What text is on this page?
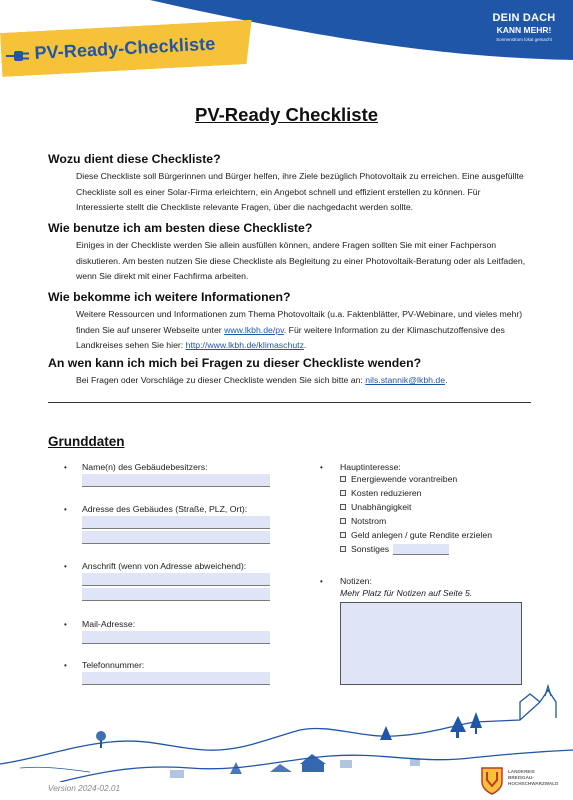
PV-Ready-Checkliste
DEIN DACH
KANN MEHR!
Sonnenstrom lokal gemacht
PV-Ready Checkliste
Wozu dient diese Checkliste?

Diese Checkliste soll Bürgerinnen und Bürger helfen, ihre Ziele bezüglich Photovoltaik zu erreichen. Eine ausgefüllte Checkliste soll es einer Solar-Firma erleichtern, ein Angebot schnell und effizient erstellen zu können. Für Interessierte stellt die Checkliste relevante Fragen, über die nachgedacht werden sollte.

Wie benutze ich am besten diese Checkliste?

Einiges in der Checkliste werden Sie allein ausfüllen können, andere Fragen sollten Sie mit einer Fachperson diskutieren. Am besten nutzen Sie diese Checkliste als Begleitung zu einer Photovoltaik-Beratung oder als Leitfaden, wenn Sie direkt mit einer Fachfirma arbeiten.

Wie bekomme ich weitere Informationen?

Weitere Ressourcen und Informationen zum Thema Photovoltaik (u.a. Faktenblätter, PV-Webinare, und vieles mehr) finden Sie auf unserer Webseite unter www.lkbh.de/pv. Für weitere Information zu der Klimaschutzoffensive des Landkreises sehen Sie hier: http://www.lkbh.de/klimaschutz.

An wen kann ich mich bei Fragen zu dieser Checkliste wenden?

Bei Fragen oder Vorschläge zu dieser Checkliste wenden Sie sich bitte an: nils.stannik@lkbh.de.

Grunddaten
• Name(n) des Gebäudebesitzers:
• Adresse des Gebäudes (Straße, PLZ, Ort):
• Anschrift (wenn von Adresse abweichend):
• Mail-Adresse:
• Telefonnummer:
• Hauptinteresse:
Energiewende vorantreiben
Kosten reduzieren
Unabhängigkeit
Notstrom
Geld anlegen / gute Rendite erzielen
Sonstiges
• Notizen:
Mehr Platz für Notizen auf Seite 5.
Version 2024-02.01
LANDKREIS
BREISGAU-
HOCHSCHWARZWALD
